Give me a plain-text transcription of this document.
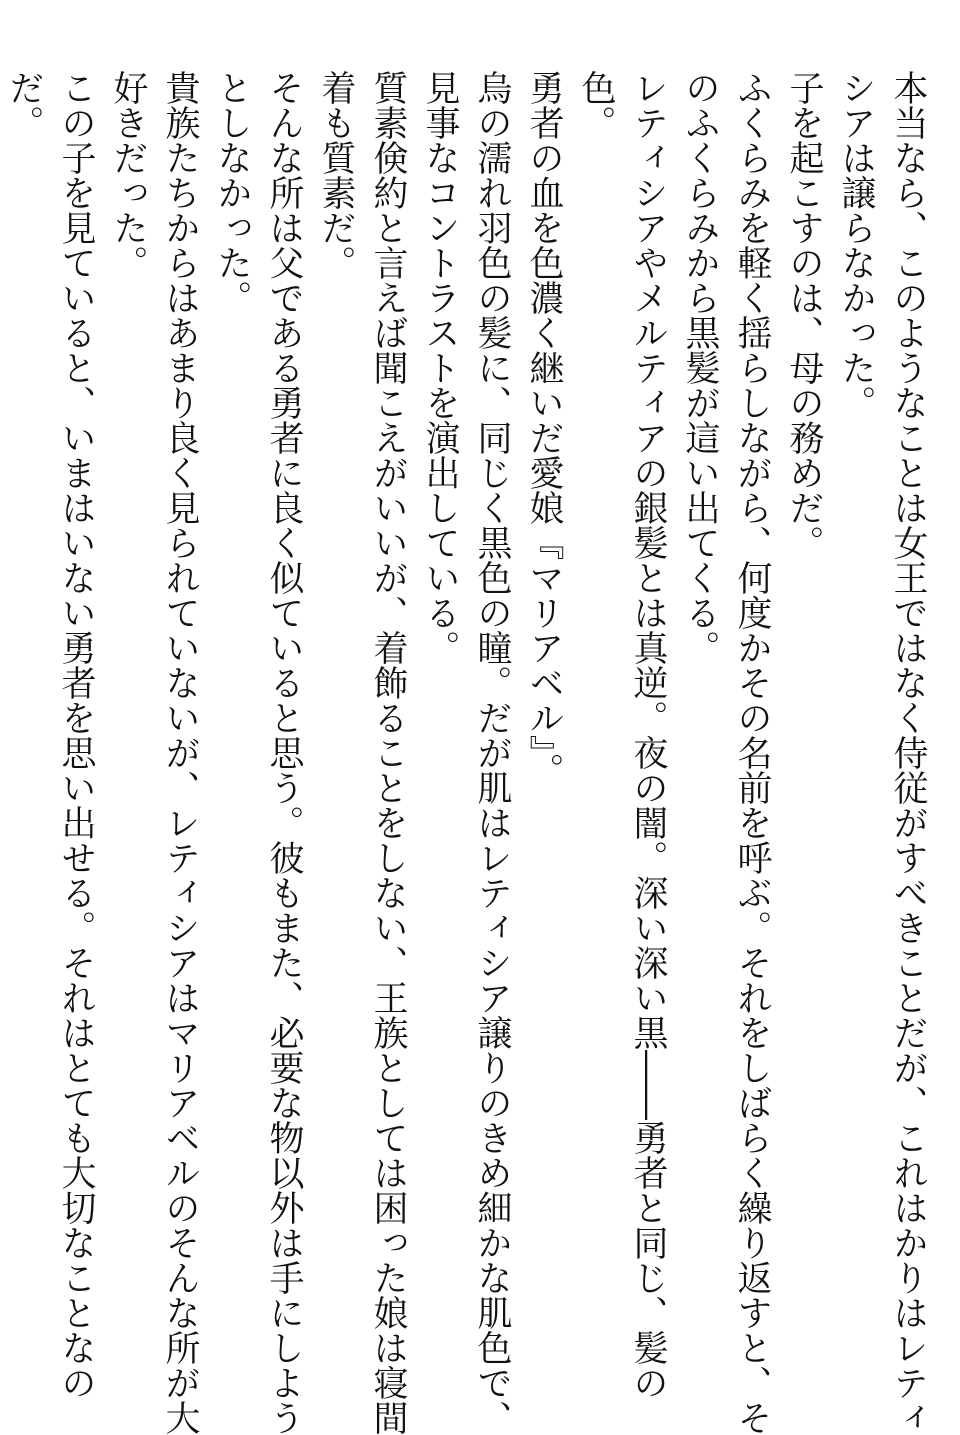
本当なら、このようなことは女王ではなく侍従がすべきことだが、これはかりはレティ

シアは譲らなかった。

子を起こすのは、母の務めだ。

ふくらみを軽く揺らしながら、何度かその名前を呼ぶ。それをしばらく繰り返すと、そ

のふくらみから黒髪が這い出てくる。

レティシアやメルティアの銀髪とは真逆。夜の闇。深い深い黒――勇者と同じ、髪の

色。

勇者の血を色濃く継いだ愛娘『マリアベル』。

烏の濡れ羽色の髪に、同じく黒色の瞳。だが肌はレティシア譲りのきめ細かな肌色で、

見事なコントラストを演出している。

質素倹約と言えば聞こえがいいが、着飾ることをしない、王族としては困った娘は寝間

着も質素だ。

そんな所は父である勇者に良く似ていると思う。彼もまた、必要な物以外は手にしよう

としなかった。

貴族たちからはあまり良く見られていないが、レティシアはマリアベルのそんな所が大

好きだった。

この子を見ていると、いまはいない勇者を思い出せる。それはとても大切なことなの

だ。
